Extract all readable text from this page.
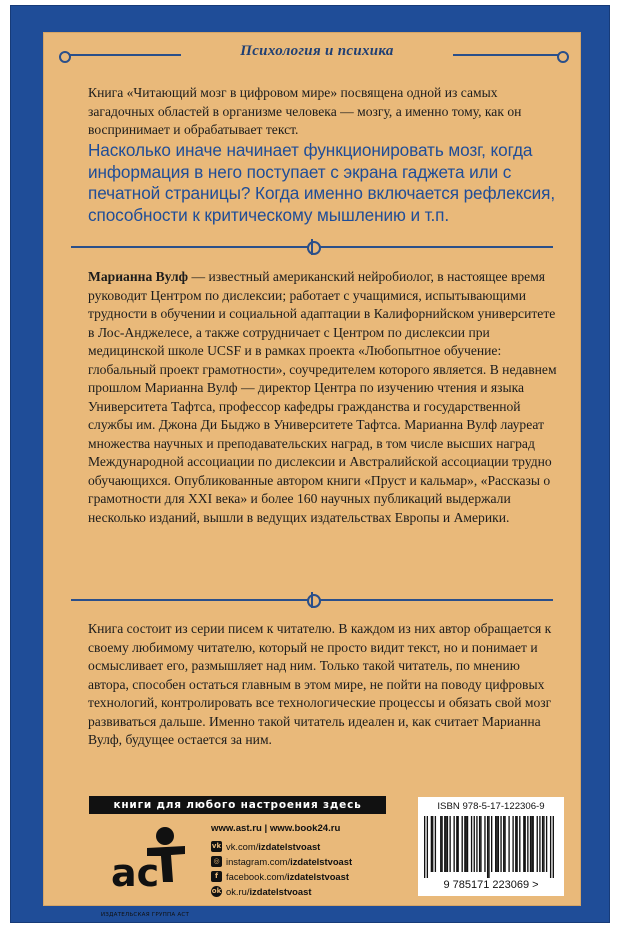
Психология и психика

Книга «Читающий мозг в цифровом мире» посвящена одной из самых загадочных областей в организме человека — мозгу, а именно тому, как он воспринимает и обрабатывает текст.

Насколько иначе начинает функционировать мозг, когда информация в него поступает с экрана гаджета или с печатной страницы? Когда именно включается рефлексия, способности к критическому мышлению и т.п.

Марианна Вулф — известный американский нейробиолог, в настоящее время руководит Центром по дислексии; работает с учащимися, испытывающими трудности в обучении и социальной адаптации в Калифорнийском университете в Лос-Анджелесе, а также сотрудничает с Центром по дислексии при медицинской школе UCSF и в рамках проекта «Любопытное обучение: глобальный проект грамотности», соучредителем которого является. В недавнем прошлом Марианна Вулф — директор Центра по изучению чтения и языка Университета Тафтса, профессор кафедры гражданства и государственной службы им. Джона Ди Быджо в Университете Тафтса. Марианна Вулф лауреат множества научных и преподавательских наград, в том числе высших наград Международной ассоциации по дислексии и Австралийской ассоциации трудно обучающихся. Опубликованные автором книги «Пруст и кальмар», «Рассказы о грамотности для XXI века» и более 160 научных публикаций выдержали несколько изданий, вышли в ведущих издательствах Европы и Америки.

Книга состоит из серии писем к читателю. В каждом из них автор обращается к своему любимому читателю, который не просто видит текст, но и понимает и осмысливает его, размышляет над ним. Только такой читатель, по мнению автора, способен остаться главным в этом мире, не пойти на поводу цифровых технологий, контролировать все технологические процессы и обязать свой мозг развиваться дальше. Именно такой читатель идеален и, как считает Марианна Вулф, будущее остается за ним.

книги для любого настроения здесь
ac
ИЗДАТЕЛЬСКАЯ ГРУППА АСТ
www.ast.ru | www.book24.ru
vk vk.com/ izdatelstvoast
◎ instagram.com/ izdatelstvoast
f facebook.com/ izdatelstvoast
ok ok.ru/ izdatelstvoast
ISBN 978-5-17-122306-9
9 785171 223069 >
